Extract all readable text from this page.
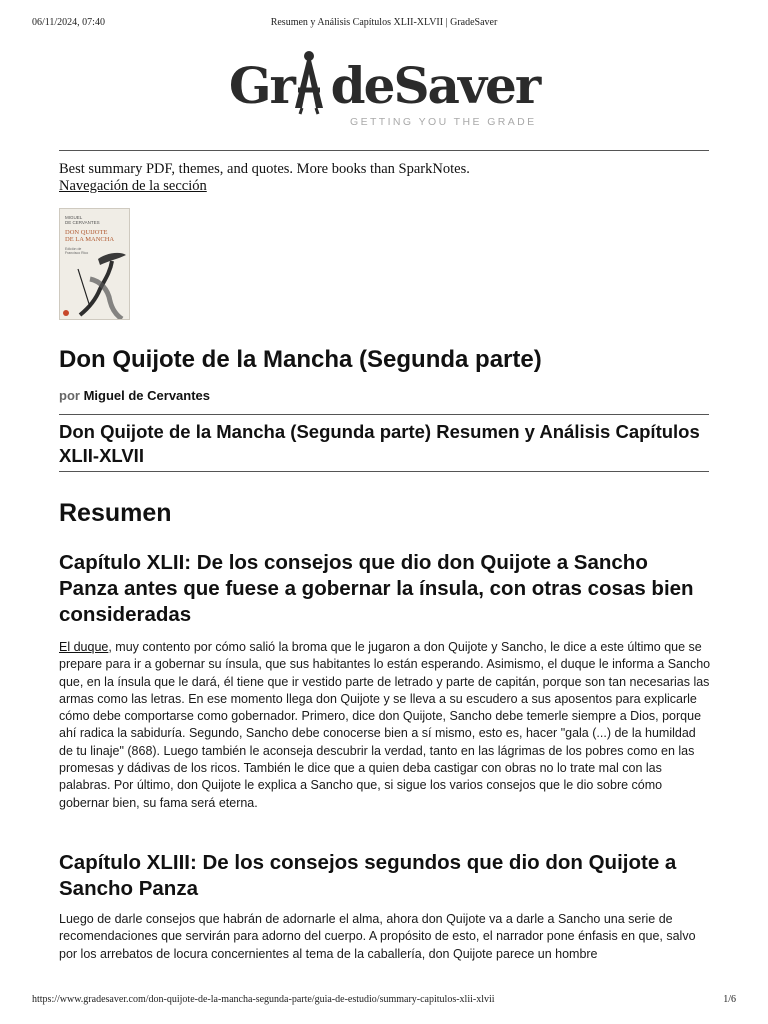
06/11/2024, 07:40	Resumen y Análisis Capítulos XLII-XLVII | GradeSaver
Gr deSaver
GETTING YOU THE GRADE
Best summary PDF, themes, and quotes. More books than SparkNotes.
Navegación de la sección
MIGUEL
DE CERVANTES
DON QUIJOTE
DE LA MANCHA
Edición de
Francisco Rico
Don Quijote de la Mancha (Segunda parte)
por Miguel de Cervantes
Don Quijote de la Mancha (Segunda parte) Resumen y Análisis Capítulos XLII-XLVII
Resumen
Capítulo XLII: De los consejos que dio don Quijote a Sancho Panza antes que fuese a gobernar la ínsula, con otras cosas bien consideradas

El duque, muy contento por cómo salió la broma que le jugaron a don Quijote y Sancho, le dice a este último que se prepare para ir a gobernar su ínsula, que sus habitantes lo están esperando. Asimismo, el duque le informa a Sancho que, en la ínsula que le dará, él tiene que ir vestido parte de letrado y parte de capitán, porque son tan necesarias las armas como las letras. En ese momento llega don Quijote y se lleva a su escudero a sus aposentos para explicarle cómo debe comportarse como gobernador. Primero, dice don Quijote, Sancho debe temerle siempre a Dios, porque ahí radica la sabiduría. Segundo, Sancho debe conocerse bien a sí mismo, esto es, hacer "gala (...) de la humildad de tu linaje" (868). Luego también le aconseja descubrir la verdad, tanto en las lágrimas de los pobres como en las promesas y dádivas de los ricos. También le dice que a quien deba castigar con obras no lo trate mal con las palabras. Por último, don Quijote le explica a Sancho que, si sigue los varios consejos que le dio sobre cómo gobernar bien, su fama será eterna.

Capítulo XLIII: De los consejos segundos que dio don Quijote a Sancho Panza

Luego de darle consejos que habrán de adornarle el alma, ahora don Quijote va a darle a Sancho una serie de recomendaciones que servirán para adorno del cuerpo. A propósito de esto, el narrador pone énfasis en que, salvo por los arrebatos de locura concernientes al tema de la caballería, don Quijote parece un hombre

https://www.gradesaver.com/don-quijote-de-la-mancha-segunda-parte/guia-de-estudio/summary-capitulos-xlii-xlvii	1/6
